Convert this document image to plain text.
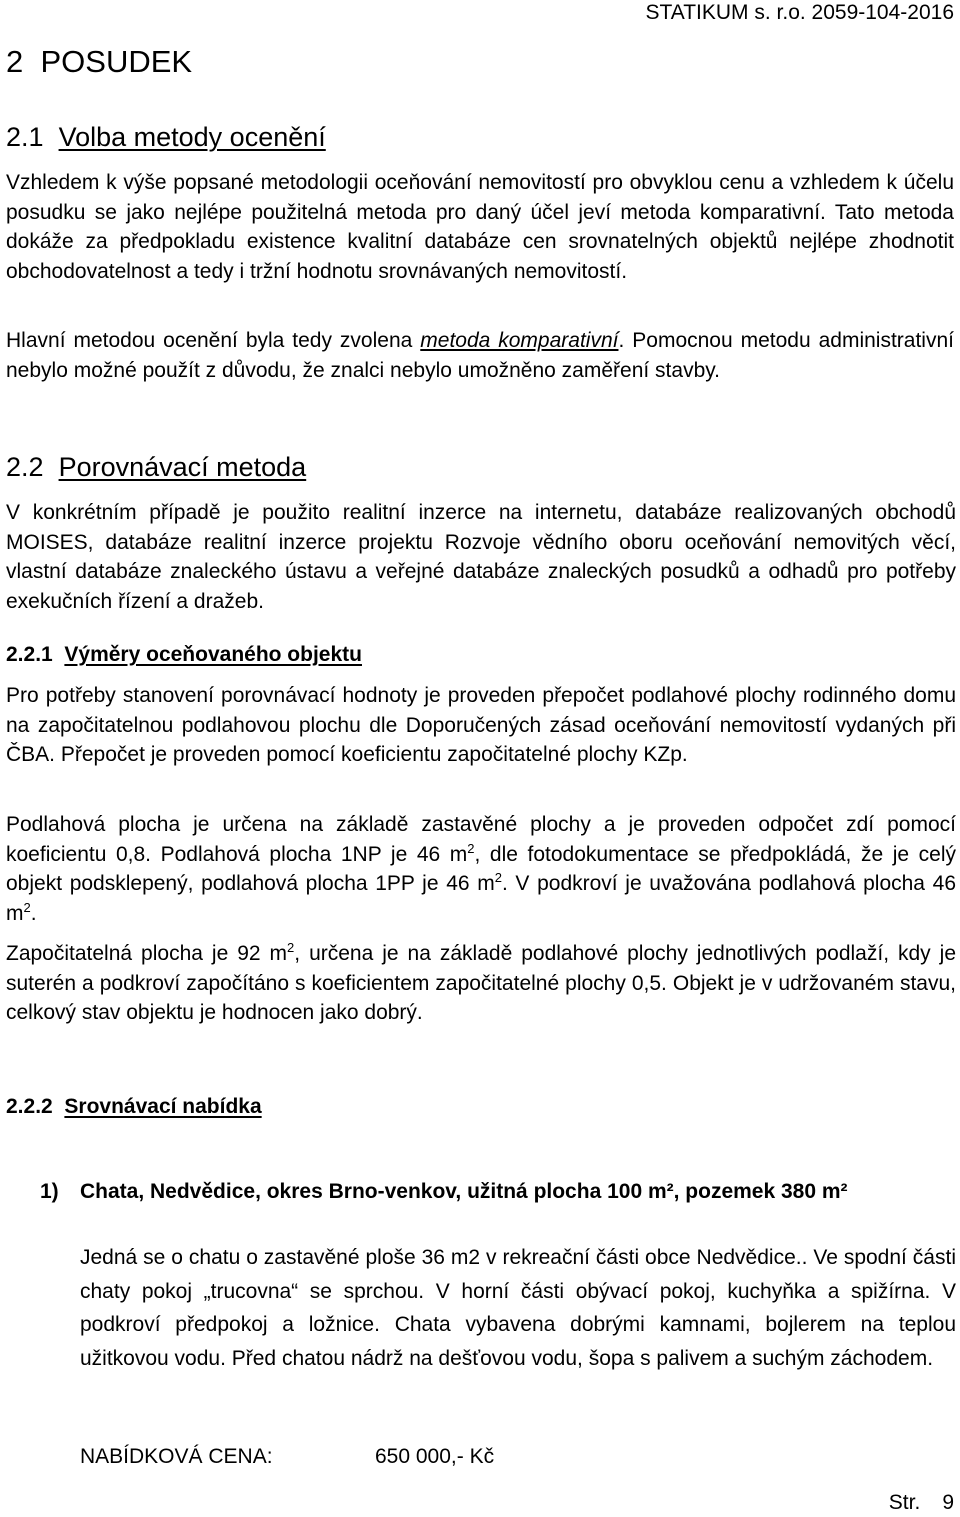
STATIKUM s. r.o. 2059-104-2016
2 POSUDEK
2.1 Volba metody ocenění

Vzhledem k výše popsané metodologii oceňování nemovitostí pro obvyklou cenu a vzhledem k účelu posudku se jako nejlépe použitelná metoda pro daný účel jeví metoda komparativní. Tato metoda dokáže za předpokladu existence kvalitní databáze cen srovnatelných objektů nejlépe zhodnotit obchodovatelnost a tedy i tržní hodnotu srovnávaných nemovitostí.

Hlavní metodou ocenění byla tedy zvolena metoda komparativní. Pomocnou metodu administrativní nebylo možné použít z důvodu, že znalci nebylo umožněno zaměření stavby.

2.2 Porovnávací metoda

V konkrétním případě je použito realitní inzerce na internetu, databáze realizovaných obchodů MOISES, databáze realitní inzerce projektu Rozvoje vědního oboru oceňování nemovitých věcí, vlastní databáze znaleckého ústavu a veřejné databáze znaleckých posudků a odhadů pro potřeby exekučních řízení a dražeb.

2.2.1 Výměry oceňovaného objektu

Pro potřeby stanovení porovnávací hodnoty je proveden přepočet podlahové plochy rodinného domu na započitatelnou podlahovou plochu dle Doporučených zásad oceňování nemovitostí vydaných při ČBA. Přepočet je proveden pomocí koeficientu započitatelné plochy KZp.

Podlahová plocha je určena na základě zastavěné plochy a je proveden odpočet zdí pomocí koeficientu 0,8. Podlahová plocha 1NP je 46 $m^2$, dle fotodokumentace se předpokládá, že je celý objekt podsklepený, podlahová plocha 1PP je 46 $m^2$. V podkroví je uvažována podlahová plocha 46 $m^2$.

Započitatelná plocha je 92 $m^2$, určena je na základě podlahové plochy jednotlivých podlaží, kdy je suterén a podkroví započítáno s koeficientem započitatelné plochy 0,5. Objekt je v udržovaném stavu, celkový stav objektu je hodnocen jako dobrý.

2.2.2 Srovnávací nabídka
1) Chata, Nedvědice, okres Brno-venkov, užitná plocha 100 m², pozemek 380 m²

Jedná se o chatu o zastavěné ploše 36 m2 v rekreační části obce Nedvědice.. Ve spodní části chaty pokoj „trucovna“ se sprchou. V horní části obývací pokoj, kuchyňka a spižírna. V podkroví předpokoj a ložnice. Chata vybavena dobrými kamnami, bojlerem na teplou užitkovou vodu. Před chatou nádrž na dešťovou vodu, šopa s palivem a suchým záchodem.

NABÍDKOVÁ CENA:	650 000,- Kč
Str. 9
